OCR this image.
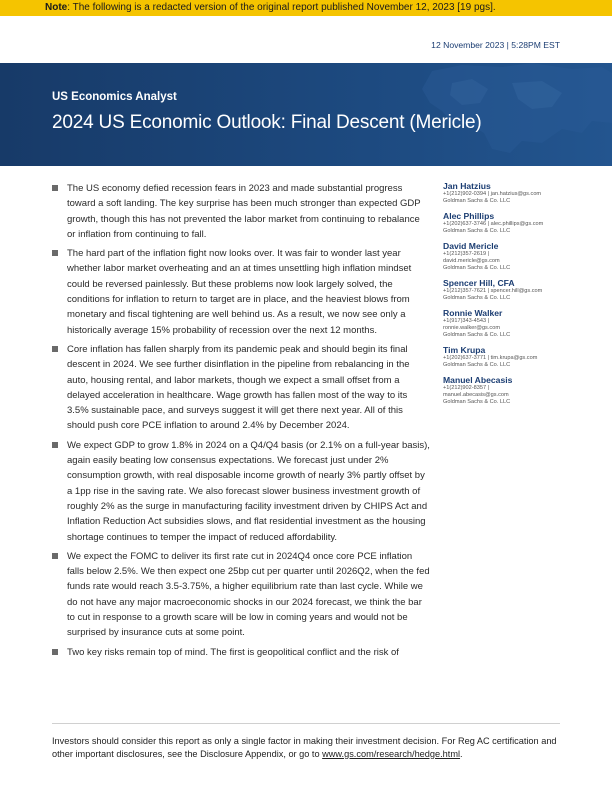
Note: The following is a redacted version of the original report published November 12, 2023 [19 pgs].
12 November 2023 | 5:28PM EST
US Economics Analyst
2024 US Economic Outlook: Final Descent (Mericle)
The US economy defied recession fears in 2023 and made substantial progress toward a soft landing. The key surprise has been much stronger than expected GDP growth, though this has not prevented the labor market from continuing to rebalance or inflation from continuing to fall.
The hard part of the inflation fight now looks over. It was fair to wonder last year whether labor market overheating and an at times unsettling high inflation mindset could be reversed painlessly. But these problems now look largely solved, the conditions for inflation to return to target are in place, and the heaviest blows from monetary and fiscal tightening are well behind us. As a result, we now see only a historically average 15% probability of recession over the next 12 months.
Core inflation has fallen sharply from its pandemic peak and should begin its final descent in 2024. We see further disinflation in the pipeline from rebalancing in the auto, housing rental, and labor markets, though we expect a small offset from a delayed acceleration in healthcare. Wage growth has fallen most of the way to its 3.5% sustainable pace, and surveys suggest it will get there next year. All of this should push core PCE inflation to around 2.4% by December 2024.
We expect GDP to grow 1.8% in 2024 on a Q4/Q4 basis (or 2.1% on a full-year basis), again easily beating low consensus expectations. We forecast just under 2% consumption growth, with real disposable income growth of nearly 3% partly offset by a 1pp rise in the saving rate. We also forecast slower business investment growth of roughly 2% as the surge in manufacturing facility investment driven by CHIPS Act and Inflation Reduction Act subsidies slows, and flat residential investment as the housing shortage continues to temper the impact of reduced affordability.
We expect the FOMC to deliver its first rate cut in 2024Q4 once core PCE inflation falls below 2.5%. We then expect one 25bp cut per quarter until 2026Q2, when the fed funds rate would reach 3.5-3.75%, a higher equilibrium rate than last cycle. While we do not have any major macroeconomic shocks in our 2024 forecast, we think the bar to cut in response to a growth scare will be low in coming years and would not be surprised by insurance cuts at some point.
Two key risks remain top of mind. The first is geopolitical conflict and the risk of
Jan Hatzius
+1(212)902-0394 | jan.hatzius@gs.com
Goldman Sachs & Co. LLC
Alec Phillips
+1(202)637-3746 | alec.phillips@gs.com
Goldman Sachs & Co. LLC
David Mericle
+1(212)357-2619 |
david.mericle@gs.com
Goldman Sachs & Co. LLC
Spencer Hill, CFA
+1(212)357-7621 | spencer.hill@gs.com
Goldman Sachs & Co. LLC
Ronnie Walker
+1(917)343-4543 |
ronnie.walker@gs.com
Goldman Sachs & Co. LLC
Tim Krupa
+1(202)637-3771 | tim.krupa@gs.com
Goldman Sachs & Co. LLC
Manuel Abecasis
+1(212)902-8357 |
manuel.abecasis@gs.com
Goldman Sachs & Co. LLC
Investors should consider this report as only a single factor in making their investment decision. For Reg AC certification and other important disclosures, see the Disclosure Appendix, or go to www.gs.com/research/hedge.html.
